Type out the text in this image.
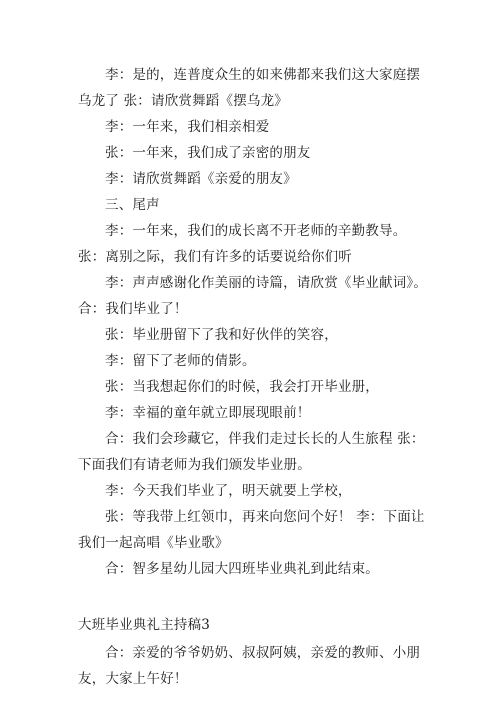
李：是的，连普度众生的如来佛都来我们这大家庭摆乌龙了 张：请欣赏舞蹈《摆乌龙》

李：一年来，我们相亲相爱

张：一年来，我们成了亲密的朋友

李：请欣赏舞蹈《亲爱的朋友》

三、尾声

李：一年来，我们的成长离不开老师的辛勤教导。 张：离别之际，我们有许多的话要说给你们听

李：声声感谢化作美丽的诗篇，请欣赏《毕业献词》。合：我们毕业了！

张：毕业册留下了我和好伙伴的笑容，

李：留下了老师的倩影。

张：当我想起你们的时候，我会打开毕业册，

李：幸福的童年就立即展现眼前！

合：我们会珍藏它，伴我们走过长长的人生旅程 张：下面我们有请老师为我们颁发毕业册。

李：今天我们毕业了，明天就要上学校，

张：等我带上红领巾，再来向您问个好！ 李：下面让我们一起高唱《毕业歌》

合：智多星幼儿园大四班毕业典礼到此结束。

大班毕业典礼主持稿3

合：亲爱的爷爷奶奶、叔叔阿姨，亲爱的教师、小朋友，大家上午好！
